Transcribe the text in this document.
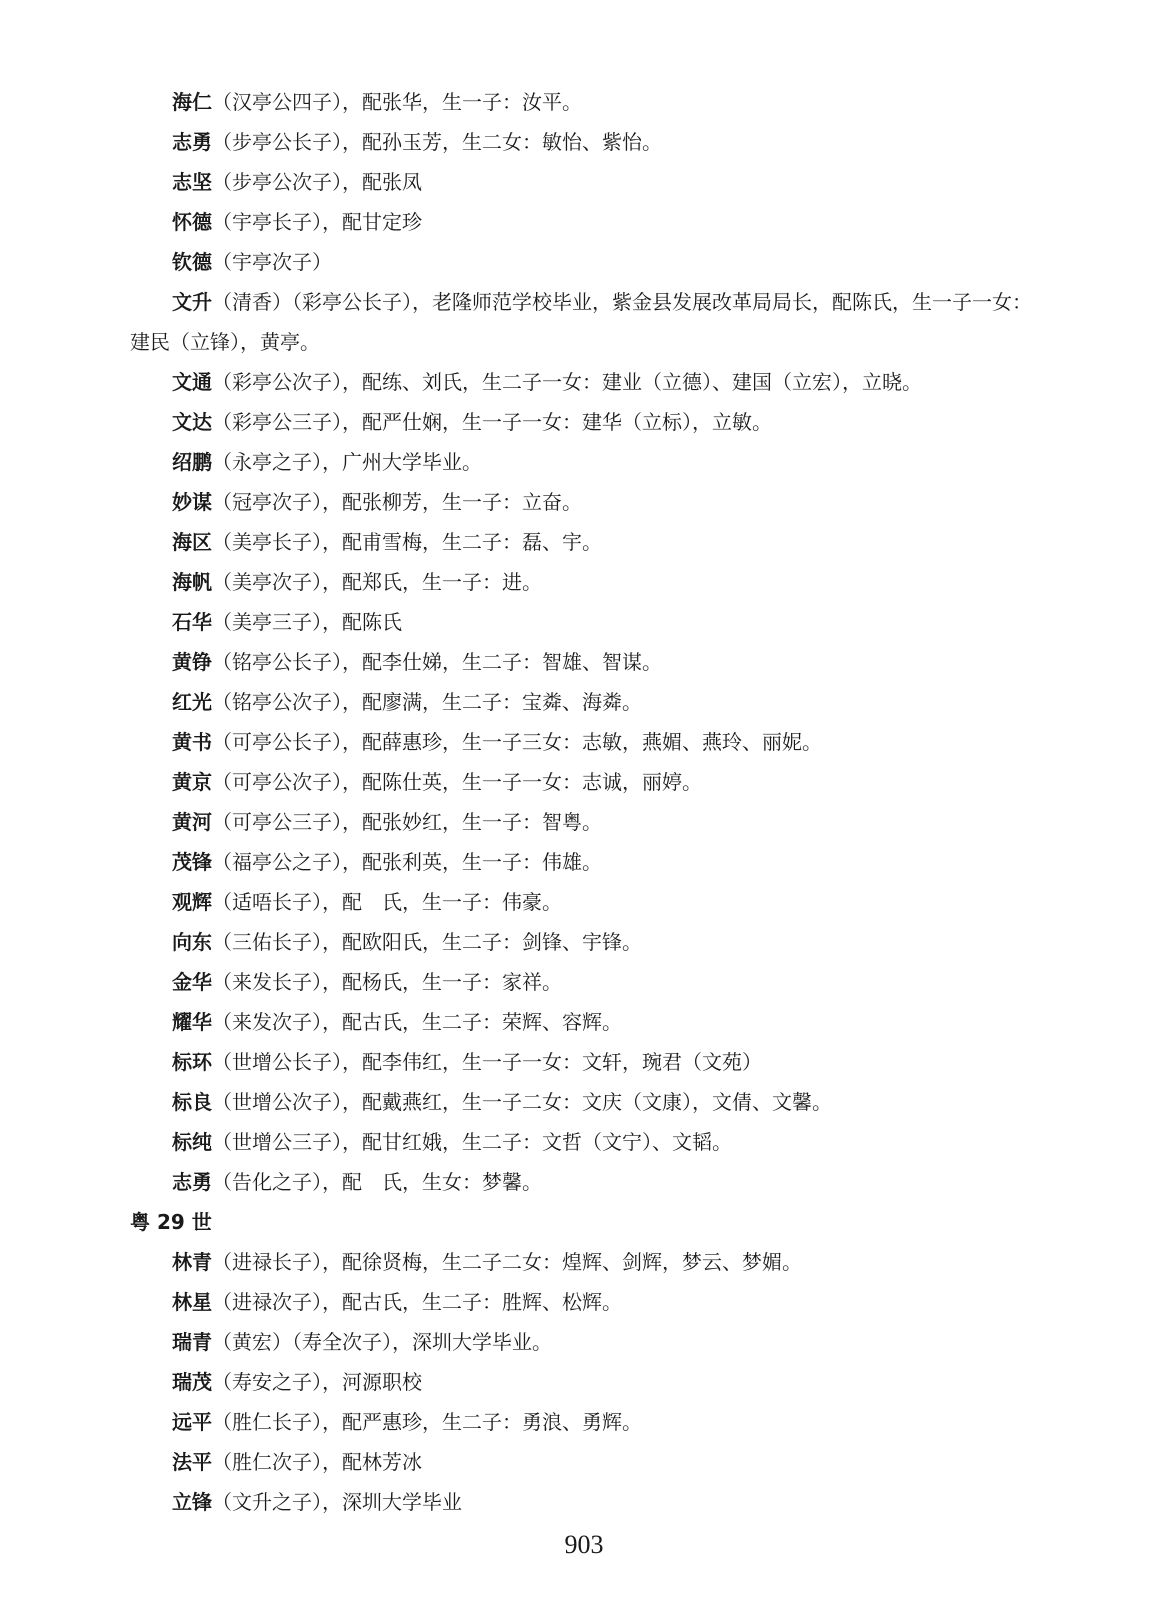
海仁（汉亭公四子），配张华，生一子：汝平。
志勇（步亭公长子），配孙玉芳，生二女：敏怡、紫怡。
志坚（步亭公次子），配张凤
怀德（宇亭长子），配甘定珍
钦德（宇亭次子）
文升（清香）（彩亭公长子），老隆师范学校毕业，紫金县发展改革局局长，配陈氏，生一子一女：
建民（立锋），黄亭。
文通（彩亭公次子），配练、刘氏，生二子一女：建业（立德）、建国（立宏），立晓。
文达（彩亭公三子），配严仕娴，生一子一女：建华（立标），立敏。
绍鹏（永亭之子），广州大学毕业。
妙谋（冠亭次子），配张柳芳，生一子：立奋。
海区（美亭长子），配甫雪梅，生二子：磊、宇。
海帆（美亭次子），配郑氏，生一子：进。
石华（美亭三子），配陈氏
黄铮（铭亭公长子），配李仕娣，生二子：智雄、智谋。
红光（铭亭公次子），配廖满，生二子：宝粦、海粦。
黄书（可亭公长子），配薛惠珍，生一子三女：志敏，燕媚、燕玲、丽妮。
黄京（可亭公次子），配陈仕英，生一子一女：志诚，丽婷。
黄河（可亭公三子），配张妙红，生一子：智粤。
茂锋（福亭公之子），配张利英，生一子：伟雄。
观辉（适唔长子），配　氏，生一子：伟豪。
向东（三佑长子），配欧阳氏，生二子：剑锋、宇锋。
金华（来发长子），配杨氏，生一子：家祥。
耀华（来发次子），配古氏，生二子：荣辉、容辉。
标环（世增公长子），配李伟红，生一子一女：文轩，琬君（文苑）
标良（世增公次子），配戴燕红，生一子二女：文庆（文康），文倩、文馨。
标纯（世增公三子），配甘红娥，生二子：文哲（文宁）、文韬。
志勇（告化之子），配　氏，生女：梦馨。
粤 29 世
林青（进禄长子），配徐贤梅，生二子二女：煌辉、剑辉，梦云、梦媚。
林星（进禄次子），配古氏，生二子：胜辉、松辉。
瑞青（黄宏）（寿全次子），深圳大学毕业。
瑞茂（寿安之子），河源职校
远平（胜仁长子），配严惠珍，生二子：勇浪、勇辉。
法平（胜仁次子），配林芳冰
立锋（文升之子），深圳大学毕业
903
